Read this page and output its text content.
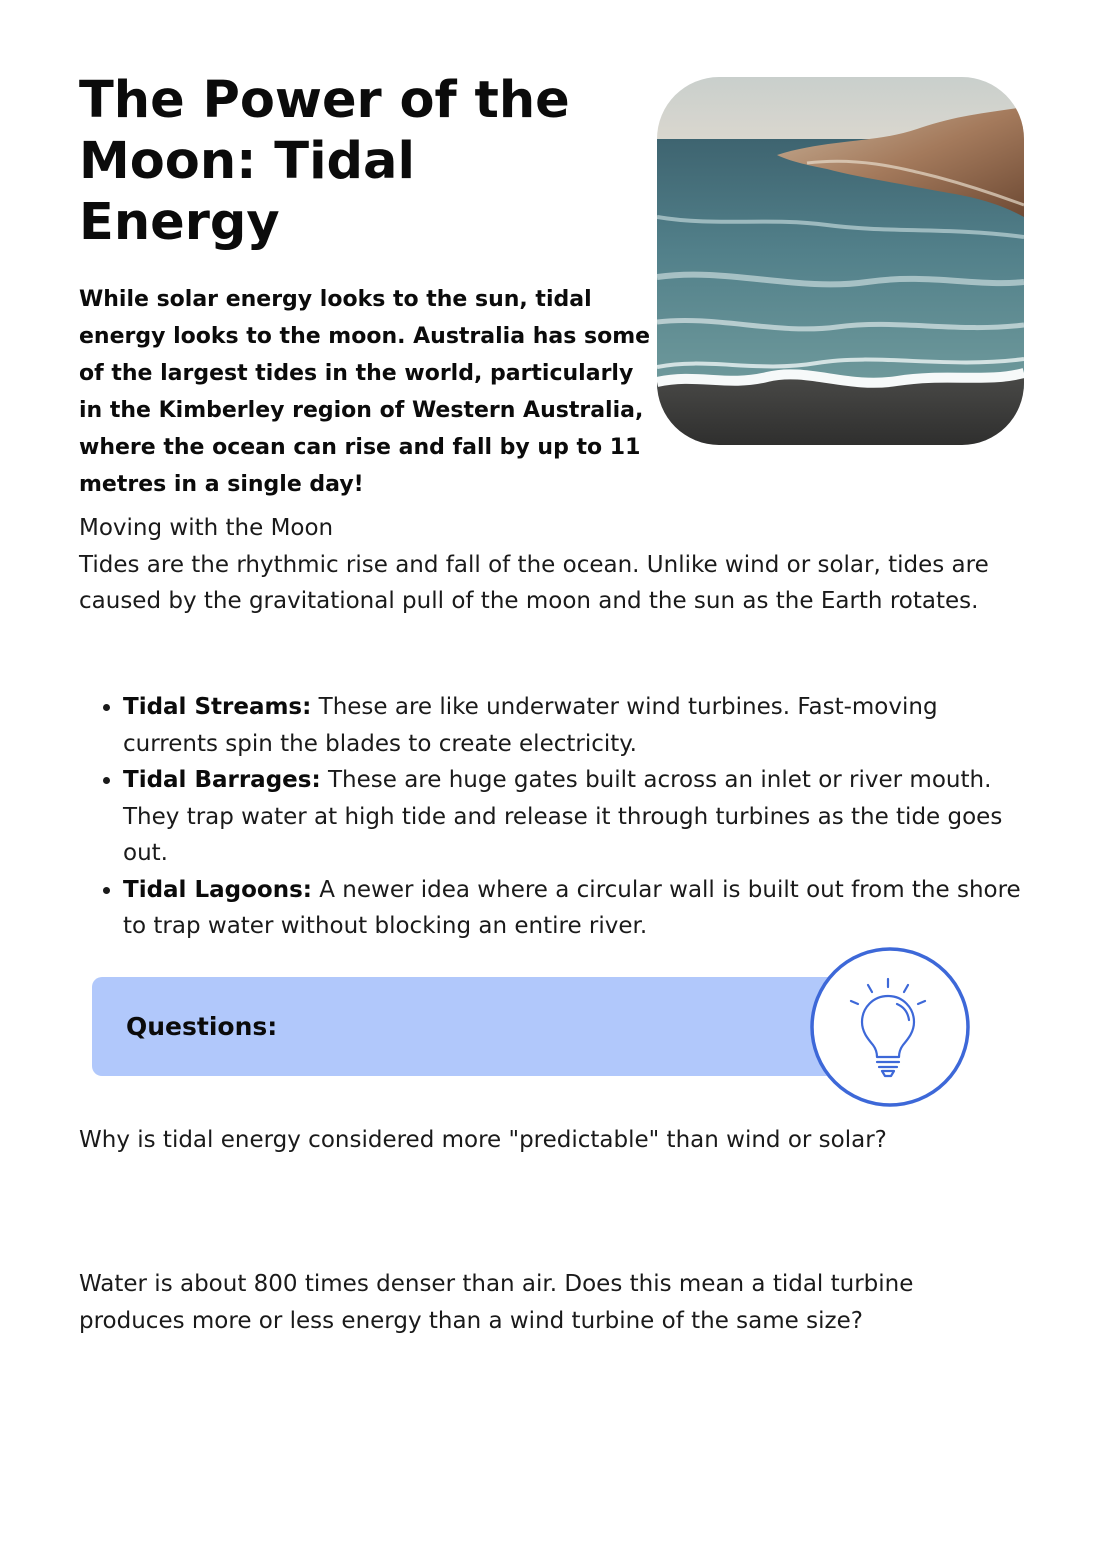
The Power of the Moon: Tidal Energy

While solar energy looks to the sun, tidal energy looks to the moon. Australia has some of the largest tides in the world, particularly in the Kimberley region of Western Australia, where the ocean can rise and fall by up to 11 metres in a single day!

Moving with the Moon

Tides are the rhythmic rise and fall of the ocean. Unlike wind or solar, tides are caused by the gravitational pull of the moon and the sun as the Earth rotates.

• Tidal Streams: These are like underwater wind turbines. Fast-moving currents spin the blades to create electricity.
• Tidal Barrages: These are huge gates built across an inlet or river mouth. They trap water at high tide and release it through turbines as the tide goes out.
• Tidal Lagoons: A newer idea where a circular wall is built out from the shore to trap water without blocking an entire river.
Questions:

Why is tidal energy considered more "predictable" than wind or solar?

Water is about 800 times denser than air. Does this mean a tidal turbine produces more or less energy than a wind turbine of the same size?
